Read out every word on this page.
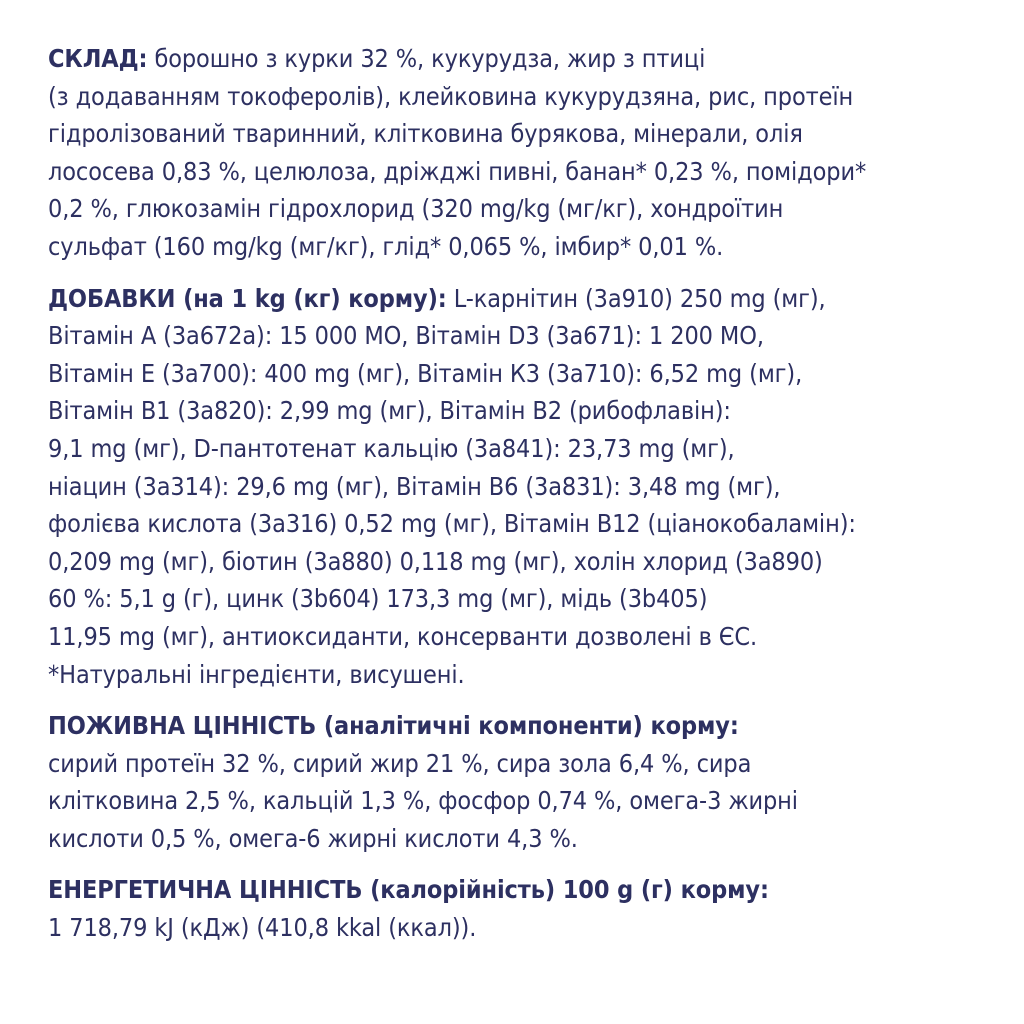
СКЛАД: борошно з курки 32 %, кукурудза, жир з птиці
(з додаванням токоферолів), клейковина кукурудзяна, рис, протеїн
гідролізований тваринний, клітковина бурякова, мінерали, олія
лососева 0,83 %, целюлоза, дріжджі пивні, банан* 0,23 %, помідори*
0,2 %, глюкозамін гідрохлорид (320 mg/kg (мг/кг), хондроїтин
сульфат (160 mg/kg (мг/кг), глід* 0,065 %, імбир* 0,01 %.
ДОБАВКИ (на 1 kg (кг) корму): L-карнітин (3а910) 250 mg (мг),
Вітамін A (3а672а): 15 000 МО, Вітамін D3 (3а671): 1 200 МО,
Вітамін E (3а700): 400 mg (мг), Вітамін К3 (3а710): 6,52 mg (мг),
Вітамін В1 (3а820): 2,99 mg (мг), Вітамін В2 (рибофлавін):
9,1 mg (мг), D-пантотенат кальцію (3а841): 23,73 mg (мг),
ніацин (3а314): 29,6 mg (мг), Вітамін В6 (3а831): 3,48 mg (мг),
фолієва кислота (3а316) 0,52 mg (мг), Вітамін В12 (ціанокобаламін):
0,209 mg (мг), біотин (3а880) 0,118 mg (мг), холін хлорид (3а890)
60 %: 5,1 g (г), цинк (3b604) 173,3 mg (мг), мідь (3b405)
11,95 mg (мг), антиоксиданти, консерванти дозволені в ЄС.
*Натуральні інгредієнти, висушені.
ПОЖИВНА ЦІННІСТЬ (аналітичні компоненти) корму:
сирий протеїн 32 %, сирий жир 21 %, сира зола 6,4 %, сира
клітковина 2,5 %, кальцій 1,3 %, фосфор 0,74 %, омега-3 жирні
кислоти 0,5 %, омега-6 жирні кислоти 4,3 %.
ЕНЕРГЕТИЧНА ЦІННІСТЬ (калорійність) 100 g (г) корму:
1 718,79 kJ (кДж) (410,8 kkal (ккал)).
